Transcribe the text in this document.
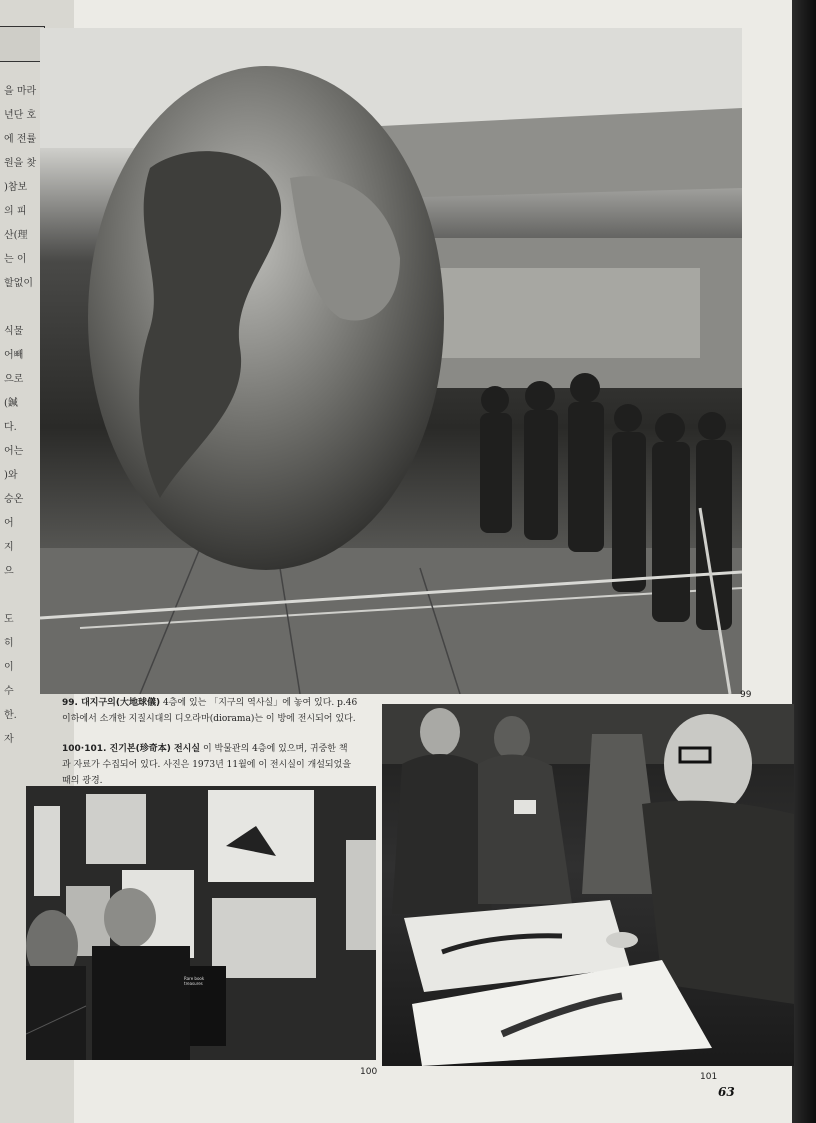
을 마라
년단 호
에 전률
원을 찾
)참보
의 피
산(理
는 이
할없이

식물
어빼
으로
(鍼
다.
어는
)와
승온
어
지
으

도
히
이
수
한.
자
99
99. 대지구의(大地球儀) 4층에 있는 「지구의 역사실」에 놓여 있다. p.46
이하에서 소개한 지질시대의 디오라마(diorama)는 이 방에 전시되어 있다.
100·101. 진기본(珍奇本) 전시실 이 박물관의 4층에 있으며, 귀중한 책
과 자료가 수집되어 있다. 사진은 1973년 11월에 이 전시실이 개설되었을
때의 광경.
Rare book treasures
100	101
63
